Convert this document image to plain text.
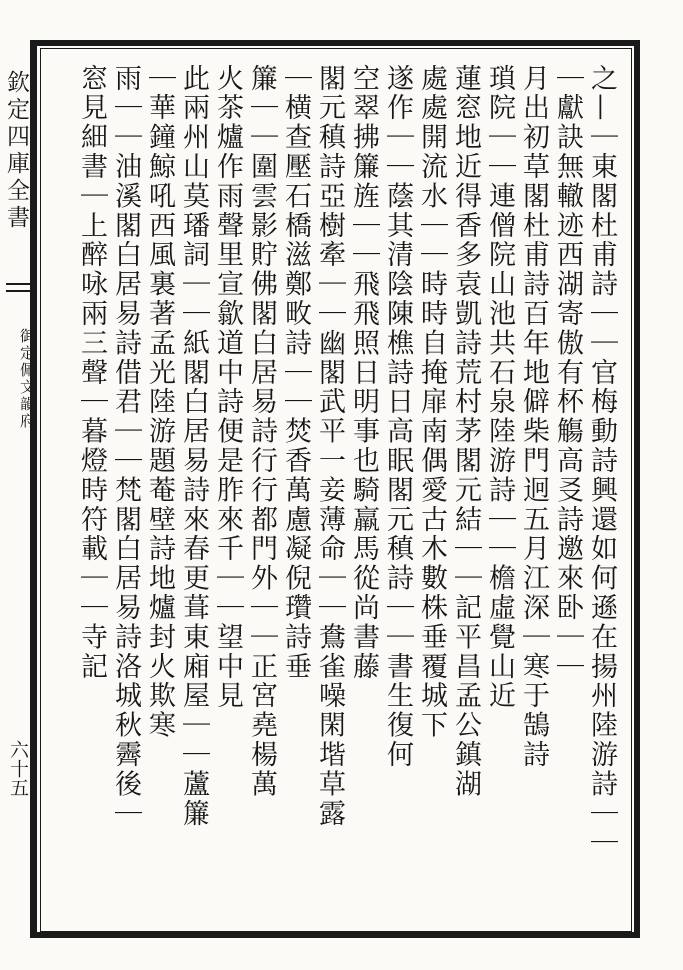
欽定四庫全書
御定佩文韻府
六十五	之—｜東閣杜甫詩｜｜官梅動詩興還如何遜在揚州陸游詩｜｜
｜獻訣無轍迹西湖寄傲有杯觴高㕛詩邀來卧｜｜
月出初草閣杜甫詩百年地僻柴門迥五月江深｜寒于鵠詩
瑣院｜｜連僧院山池共石泉陸游詩｜｜檐虛覺山近
蓮窓地近得香多袁凱詩荒村茅閣元結｜｜記平昌孟公鎮湖
處處開流水｜｜時時自掩扉南偶愛古木數株垂覆城下
遂作｜｜蔭其清陰陳樵詩日高眠閣元稹詩｜｜書生復何
空翠拂簾旌｜｜飛飛照日明事也騎羸馬從尚書藤
閣元稹詩亞樹牽｜｜幽閣武平一妾薄命｜｜鴦雀噪閑堦草露
｜横查壓石橋滋鄭畋詩｜｜焚香萬慮凝倪瓚詩垂
簾｜｜圍雲影貯佛閣白居易詩行行都門外｜｜正宮堯楊萬
火茶爐作雨聲里宣歙道中詩便是胙來千｜｜望中見
此兩州山莫璠詞｜｜紙閣白居易詩來春更葺東廂屋｜｜蘆簾
｜華鐘鯨吼西風裏著孟光陸游題菴壁詩地爐封火欺寒
雨｜｜油溪閣白居易詩借君｜｜梵閣白居易詩洛城秋霽後｜
窓見細書｜上醉咏兩三聲｜暮燈時符載｜｜寺記
